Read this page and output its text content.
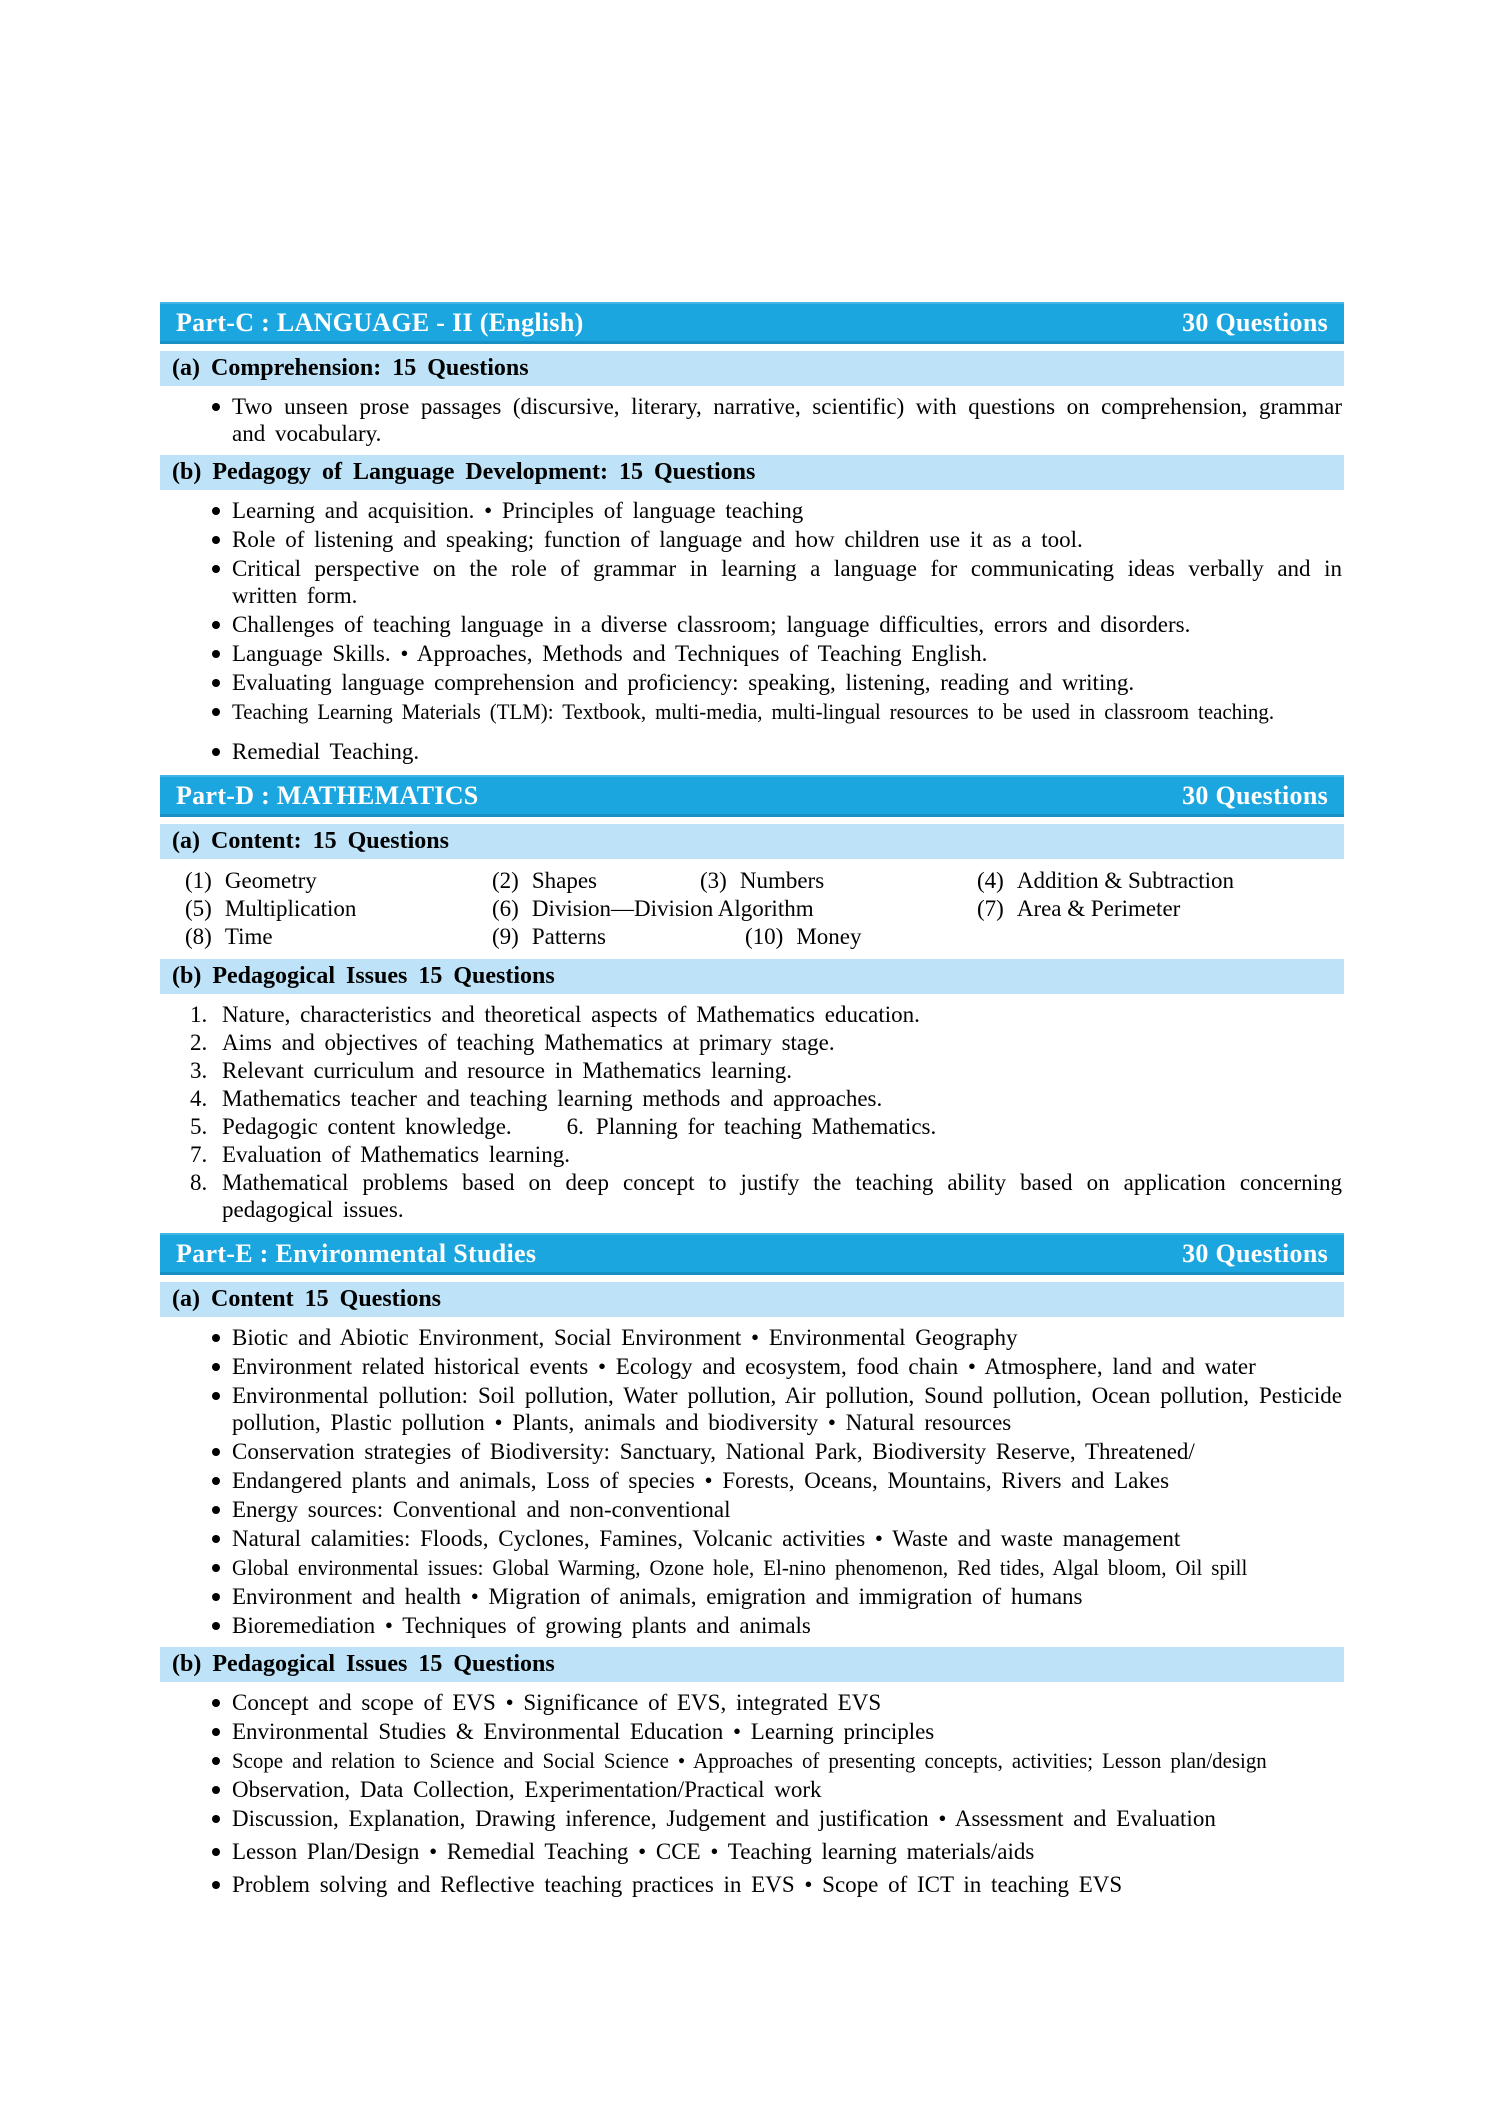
Part-C : LANGUAGE - II (English)	30 Questions
(a) Comprehension: 15 Questions
Two unseen prose passages (discursive, literary, narrative, scientific) with questions on comprehension, grammar and vocabulary.
(b) Pedagogy of Language Development: 15 Questions
Learning and acquisition. • Principles of language teaching
Role of listening and speaking; function of language and how children use it as a tool.
Critical perspective on the role of grammar in learning a language for communicating ideas verbally and in written form.
Challenges of teaching language in a diverse classroom; language difficulties, errors and disorders.
Language Skills. • Approaches, Methods and Techniques of Teaching English.
Evaluating language comprehension and proficiency: speaking, listening, reading and writing.
Teaching Learning Materials (TLM): Textbook, multi-media, multi-lingual resources to be used in classroom teaching.
Remedial Teaching.
Part-D : MATHEMATICS	30 Questions
(a) Content: 15 Questions
(1) Geometry	(2) Shapes	(3) Numbers	(4) Addition & Subtraction
(5) Multiplication	(6) Division—Division Algorithm	(7) Area & Perimeter
(8) Time	(9) Patterns	(10) Money
(b) Pedagogical Issues 15 Questions
1. Nature, characteristics and theoretical aspects of Mathematics education.
2. Aims and objectives of teaching Mathematics at primary stage.
3. Relevant curriculum and resource in Mathematics learning.
4. Mathematics teacher and teaching learning methods and approaches.
5. Pedagogic content knowledge. 6. Planning for teaching Mathematics.
7. Evaluation of Mathematics learning.
8. Mathematical problems based on deep concept to justify the teaching ability based on application concerning pedagogical issues.
Part-E : Environmental Studies	30 Questions
(a) Content 15 Questions
Biotic and Abiotic Environment, Social Environment • Environmental Geography
Environment related historical events • Ecology and ecosystem, food chain • Atmosphere, land and water
Environmental pollution: Soil pollution, Water pollution, Air pollution, Sound pollution, Ocean pollution, Pesticide pollution, Plastic pollution • Plants, animals and biodiversity • Natural resources
Conservation strategies of Biodiversity: Sanctuary, National Park, Biodiversity Reserve, Threatened/
Endangered plants and animals, Loss of species • Forests, Oceans, Mountains, Rivers and Lakes
Energy sources: Conventional and non-conventional
Natural calamities: Floods, Cyclones, Famines, Volcanic activities • Waste and waste management
Global environmental issues: Global Warming, Ozone hole, El-nino phenomenon, Red tides, Algal bloom, Oil spill
Environment and health • Migration of animals, emigration and immigration of humans
Bioremediation • Techniques of growing plants and animals
(b) Pedagogical Issues 15 Questions
Concept and scope of EVS • Significance of EVS, integrated EVS
Environmental Studies & Environmental Education • Learning principles
Scope and relation to Science and Social Science • Approaches of presenting concepts, activities; Lesson plan/design
Observation, Data Collection, Experimentation/Practical work
Discussion, Explanation, Drawing inference, Judgement and justification • Assessment and Evaluation
Lesson Plan/Design • Remedial Teaching • CCE • Teaching learning materials/aids
Problem solving and Reflective teaching practices in EVS • Scope of ICT in teaching EVS
